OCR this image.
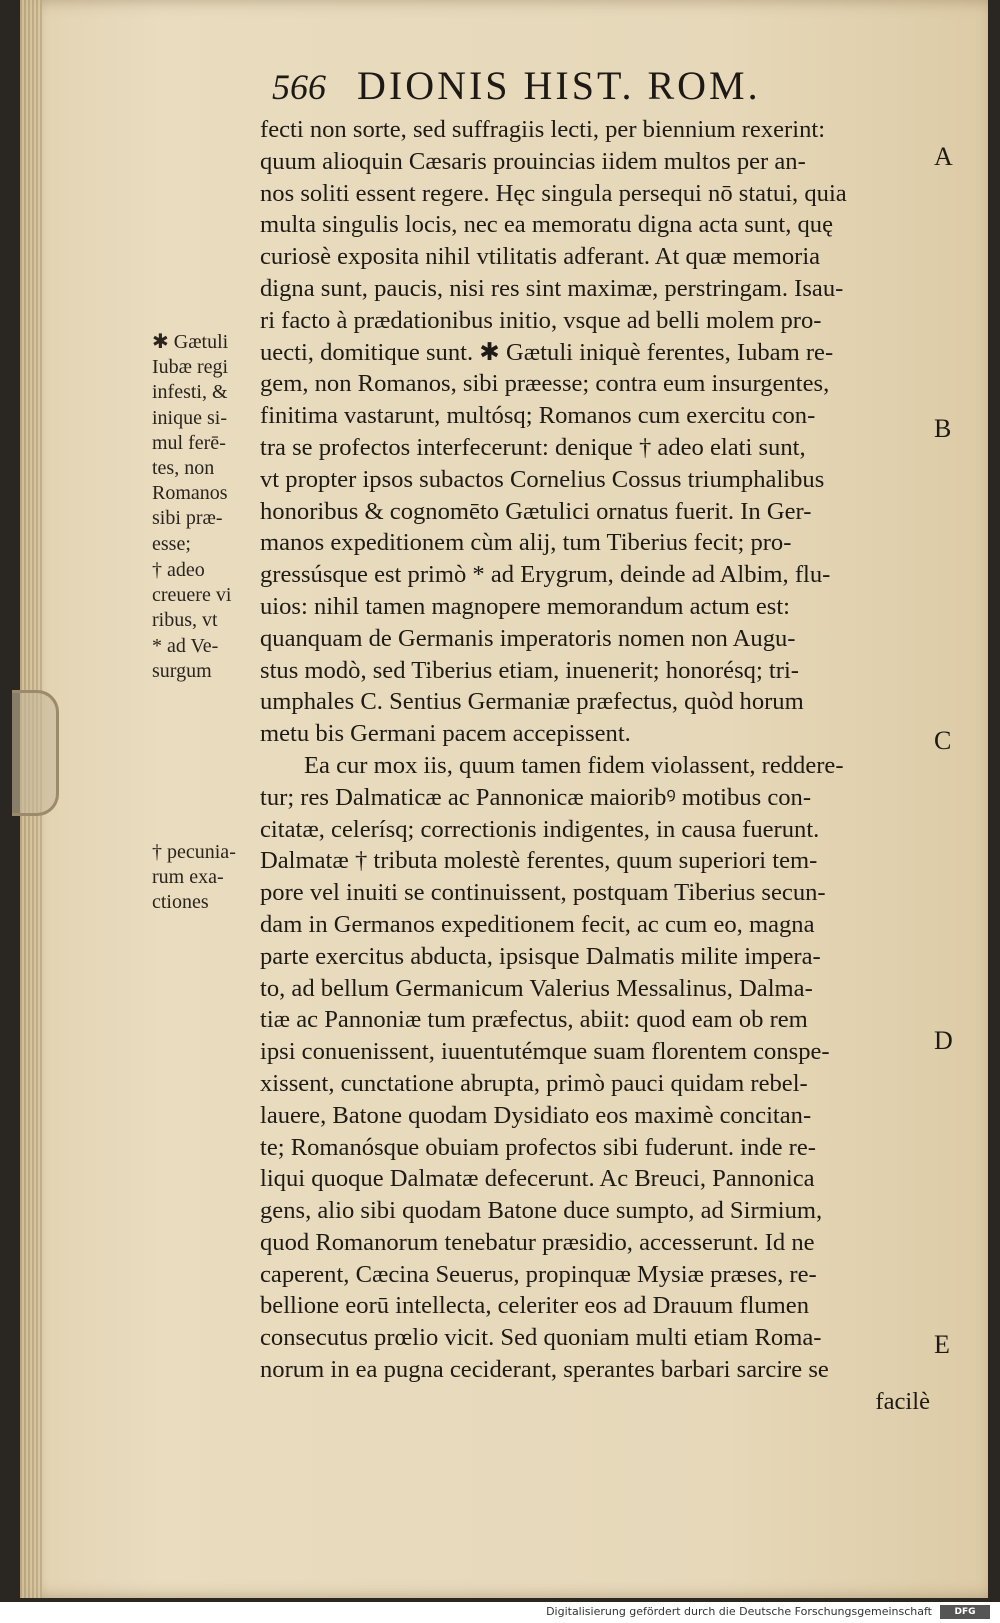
566 DIONIS HIST. ROM.
fecti non sorte, sed suffragiis lecti, per biennium rexerint:
quum alioquin Cæsaris prouincias iidem multos per an-
nos soliti essent regere. Hęc singula persequi nō statui, quia
multa singulis locis, nec ea memoratu digna acta sunt, quę
curiosè exposita nihil vtilitatis adferant. At quæ memoria
digna sunt, paucis, nisi res sint maximæ, perstringam. Isau-
ri facto à prædationibus initio, vsque ad belli molem pro-
uecti, domitique sunt. ✱ Gætuli iniquè ferentes, Iubam re-
gem, non Romanos, sibi præesse; contra eum insurgentes,
finitima vastarunt, multósq; Romanos cum exercitu con-
tra se profectos interfecerunt: denique † adeo elati sunt,
vt propter ipsos subactos Cornelius Cossus triumphalibus
honoribus & cognomēto Gætulici ornatus fuerit. In Ger-
manos expeditionem cùm alij, tum Tiberius fecit; pro-
gressúsque est primò * ad Erygrum, deinde ad Albim, flu-
uios: nihil tamen magnopere memorandum actum est:
quanquam de Germanis imperatoris nomen non Augu-
stus modò, sed Tiberius etiam, inuenerit; honorésq; tri-
umphales C. Sentius Germaniæ præfectus, quòd horum
metu bis Germani pacem accepissent.
Ea cur mox iis, quum tamen fidem violassent, redderе-
tur; res Dalmaticæ ac Pannonicæ maioribꝰ motibus con-
citatæ, celerísq; correctionis indigentes, in causa fuerunt.
Dalmatæ † tributa molestè ferentes, quum superiori tem-
pore vel inuiti se continuissent, postquam Tiberius secun-
dam in Germanos expeditionem fecit, ac cum eo, magna
parte exercitus abducta, ipsisque Dalmatis milite impera-
to, ad bellum Germanicum Valerius Messalinus, Dalma-
tiæ ac Pannoniæ tum præfectus, abiit: quod eam ob rem
ipsi conuenissent, iuuentutémque suam florentem conspe-
xissent, cunctatione abrupta, primò pauci quidam rebel-
lauere, Batone quodam Dysidiato eos maximè concitan-
te; Romanósque obuiam profectos sibi fuderunt. inde re-
liqui quoque Dalmatæ defecerunt. Ac Breuci, Pannonica
gens, alio sibi quodam Batone duce sumpto, ad Sirmium,
quod Romanorum tenebatur præsidio, accesserunt. Id ne
caperent, Cæcina Seuerus, propinquæ Mysiæ præses, re-
bellione eorū intellecta, celeriter eos ad Drauum flumen
consecutus prœlio vicit. Sed quoniam multi etiam Roma-
norum in ea pugna ceciderant, sperantes barbari sarcire se
facilè
✱ Gætuli
Iubæ regi
infesti, &
inique si-
mul ferē-
tes, non
Romanos
sibi præ-
esse;
† adeo
creuere vi
ribus, vt
* ad Ve-
surgum
† pecunia-
rum exa-
ctiones
A
B
C
D
E
Digitalisierung gefördert durch die Deutsche Forschungsgemeinschaft	DFG
